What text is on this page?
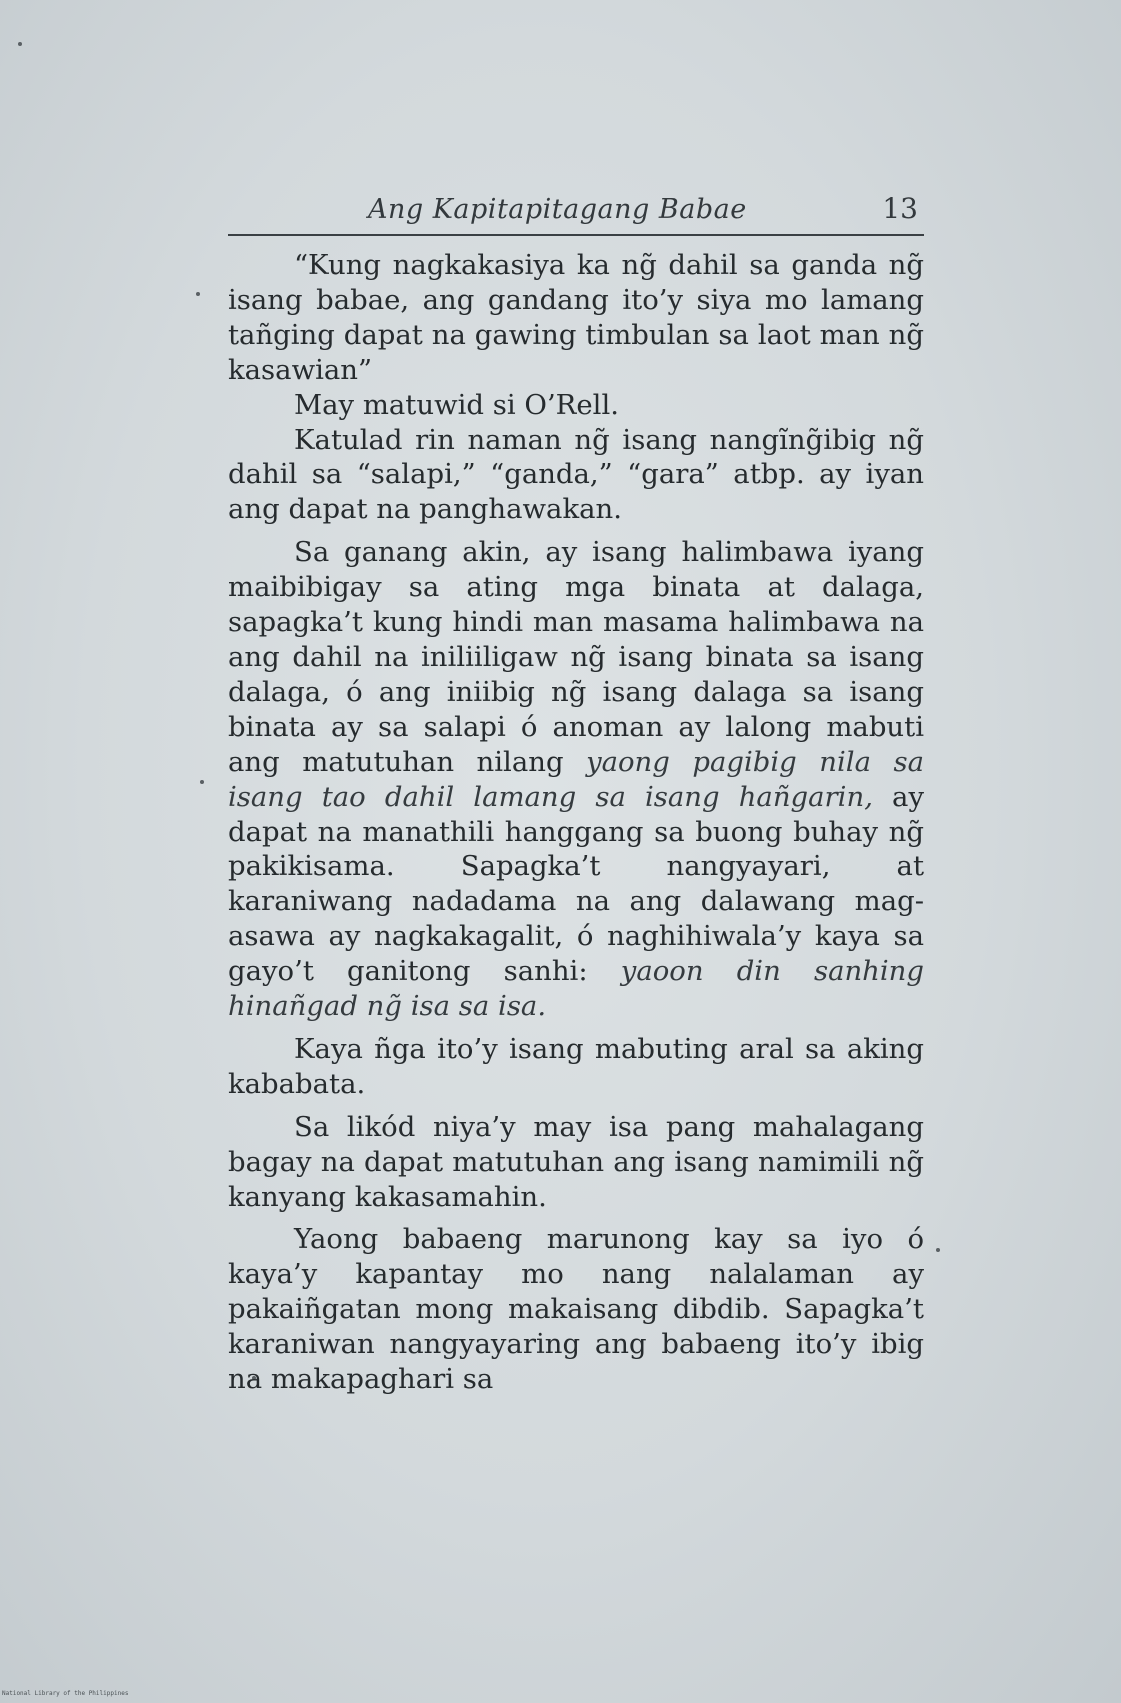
Ang Kapitapitagang Babae	13

“Kung nagkakasiya ka ng̃ dahil sa ganda ng̃ isang babae, ang gandang ito’y siya mo lamang tañging dapat na gawing timbulan sa laot man ng̃ kasawian”

May matuwid si O’Rell.

Katulad rin naman ng̃ isang nangĩng̃ibig ng̃ dahil sa “salapi,” “ganda,” “gara” atbp. ay iyan ang dapat na panghawakan.

Sa ganang akin, ay isang halimbawa iyang maibibigay sa ating mga binata at dalaga, sapagka’t kung hindi man masama halimbawa na ang dahil na iniliiligaw ng̃ isang binata sa isang dalaga, ó ang iniibig ng̃ isang dalaga sa isang binata ay sa salapi ó anoman ay lalong mabuti ang matutuhan nilang yaong pagibig nila sa isang tao dahil lamang sa isang hañgarin, ay dapat na manathili hanggang sa buong buhay ng̃ pakikisama. Sapagka’t nangyayari, at karaniwang nadadama na ang dalawang mag-asawa ay nagkakagalit, ó naghihiwala’y kaya sa gayo’t ganitong sanhi: yaoon din sanhing hinañgad ng̃ isa sa isa.

Kaya ñga ito’y isang mabuting aral sa aking kababata.

Sa likód niya’y may isa pang mahalagang bagay na dapat matutuhan ang isang namimili ng̃ kanyang kakasamahin.

Yaong babaeng marunong kay sa iyo ó kaya’y kapantay mo nang nalalaman ay pakaiñgatan mong makaisang dibdib. Sapagka’t karaniwan nangyayaring ang babaeng ito’y ibig na makapaghari sa

National Library of the Philippines
